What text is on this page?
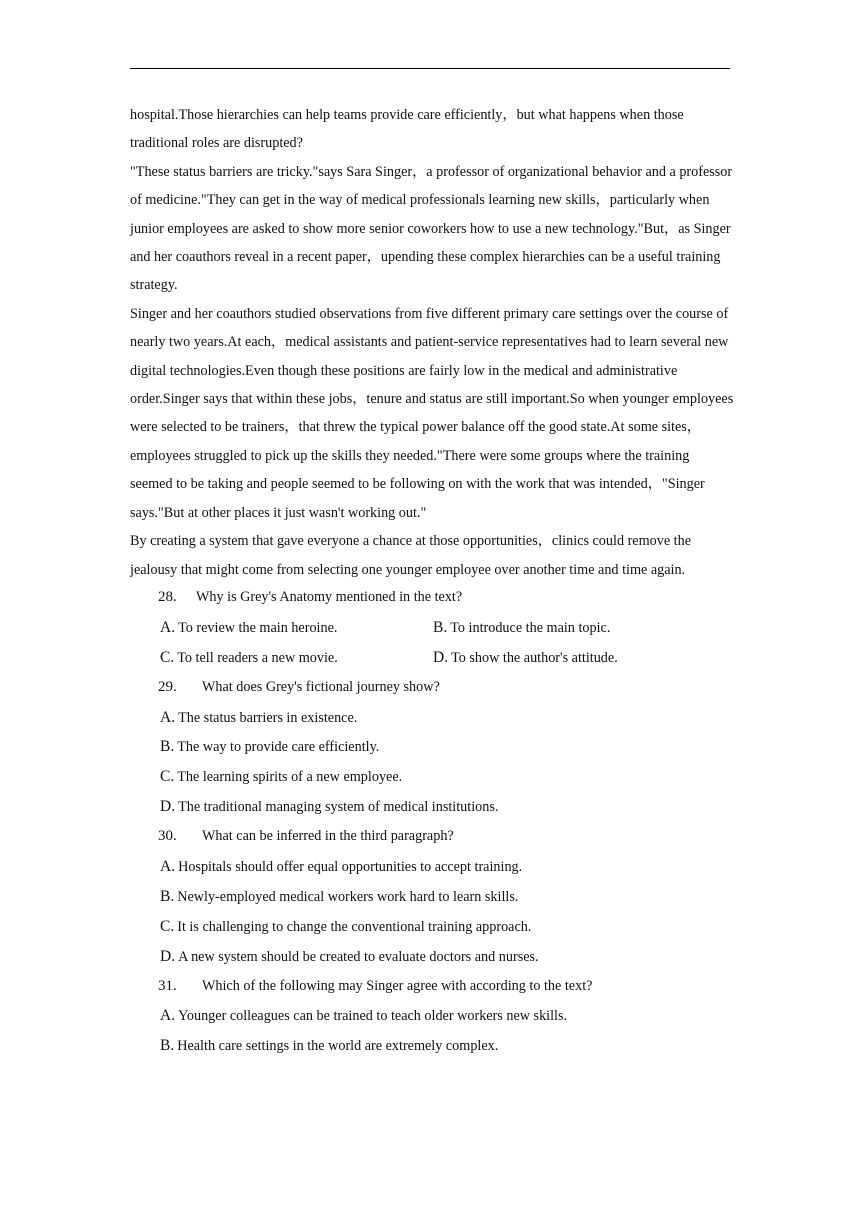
hospital.Those hierarchies can help teams provide care efficiently，but what happens when those traditional roles are disrupted?

"These status barriers are tricky."says Sara Singer，a professor of organizational behavior and a professor of medicine."They can get in the way of medical professionals learning new skills，particularly when junior employees are asked to show more senior coworkers how to use a new technology."But，as Singer and her coauthors reveal in a recent paper，upending these complex hierarchies can be a useful training strategy.

Singer and her coauthors studied observations from five different primary care settings over the course of nearly two years.At each，medical assistants and patient-service representatives had to learn several new digital technologies.Even though these positions are fairly low in the medical and administrative order.Singer says that within these jobs，tenure and status are still important.So when younger employees were selected to be trainers，that threw the typical power balance off the good state.At some sites，employees struggled to pick up the skills they needed."There were some groups where the training seemed to be taking and people seemed to be following on with the work that was intended，"Singer says."But at other places it just wasn't working out."

By creating a system that gave everyone a chance at those opportunities，clinics could remove the jealousy that might come from selecting one younger employee over another time and time again.

28. Why is Grey's Anatomy mentioned in the text?
A. To review the main heroine.	B. To introduce the main topic.
C. To tell readers a new movie.	D. To show the author's attitude.
29. What does Grey's fictional journey show?
A. The status barriers in existence.
B. The way to provide care efficiently.
C. The learning spirits of a new employee.
D. The traditional managing system of medical institutions.
30. What can be inferred in the third paragraph?
A. Hospitals should offer equal opportunities to accept training.
B. Newly-employed medical workers work hard to learn skills.
C. It is challenging to change the conventional training approach.
D. A new system should be created to evaluate doctors and nurses.
31. Which of the following may Singer agree with according to the text?
A. Younger colleagues can be trained to teach older workers new skills.
B. Health care settings in the world are extremely complex.
